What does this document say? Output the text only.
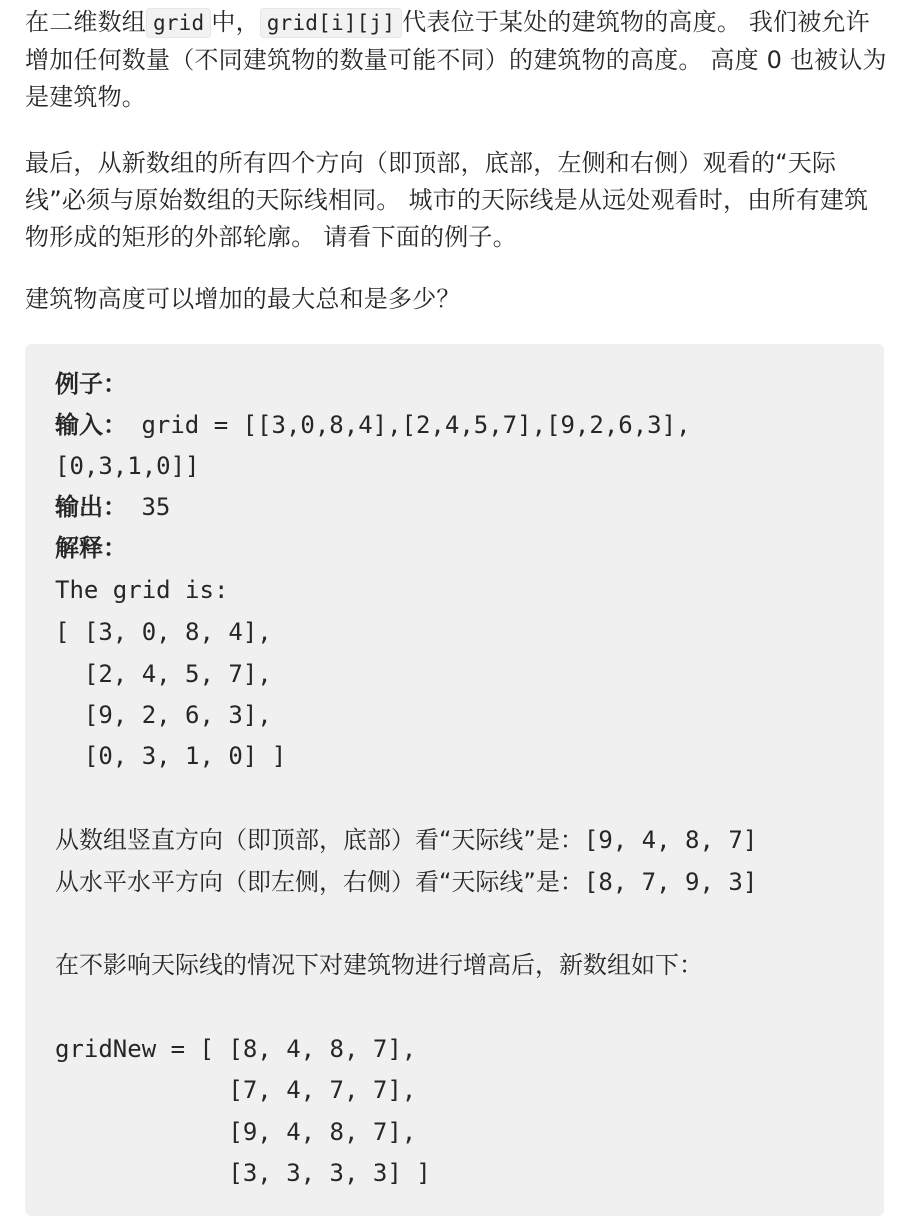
在二维数组 grid 中， grid[i][j] 代表位于某处的建筑物的高度。 我们被允许增加任何数量（不同建筑物的数量可能不同）的建筑物的高度。 高度 0 也被认为是建筑物。

最后，从新数组的所有四个方向（即顶部，底部，左侧和右侧）观看的“天际线”必须与原始数组的天际线相同。 城市的天际线是从远处观看时，由所有建筑物形成的矩形的外部轮廓。 请看下面的例子。

建筑物高度可以增加的最大总和是多少？

例子：
输入： grid = [[3,0,8,4],[2,4,5,7],[9,2,6,3],
[0,3,1,0]]
输出： 35
解释：
The grid is:
[ [3, 0, 8, 4],
[2, 4, 5, 7],
[9, 2, 6, 3],
[0, 3, 1, 0] ]
从数组竖直方向（即顶部，底部）看“天际线”是：[9, 4, 8, 7]
从水平水平方向（即左侧，右侧）看“天际线”是：[8, 7, 9, 3]
在不影响天际线的情况下对建筑物进行增高后，新数组如下：
gridNew = [ [8, 4, 8, 7],
[7, 4, 7, 7],
[9, 4, 8, 7],
[3, 3, 3, 3] ]
